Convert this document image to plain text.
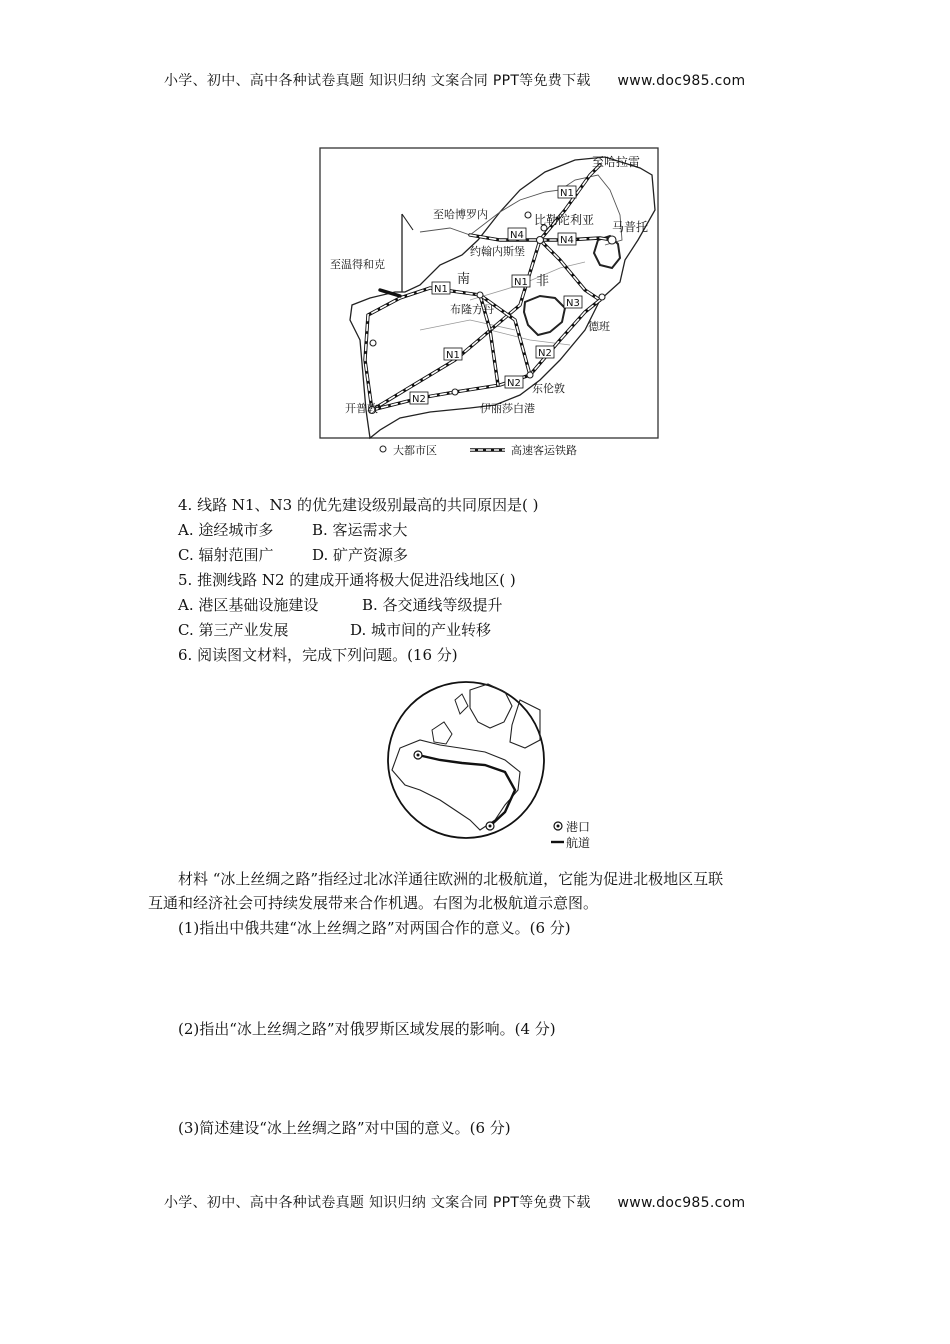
小学、初中、高中各种试卷真题 知识归纳 文案合同 PPT等免费下载 www.doc985.com
至哈拉雷
至哈博罗内	比勒陀利亚 马普托
约翰内斯堡
至温得和克
南	非
布隆方丹
德班
东伦敦
开普敦	伊丽莎白港
N1
N1
N1
N1	N2
N2
N2
N3
N4	N4
大都市区	高速客运铁路
4. 线路 N1、N3 的优先建设级别最高的共同原因是( )
A. 途经城市多	B. 客运需求大
C. 辐射范围广	D. 矿产资源多
5. 推测线路 N2 的建成开通将极大促进沿线地区( )
A. 港区基础设施建设	B. 各交通线等级提升
C. 第三产业发展	D. 城市间的产业转移
6. 阅读图文材料，完成下列问题。(16 分)
港口
航道
材料 “冰上丝绸之路”指经过北冰洋通往欧洲的北极航道，它能为促进北极地区互联
互通和经济社会可持续发展带来合作机遇。右图为北极航道示意图。
(1)指出中俄共建“冰上丝绸之路”对两国合作的意义。(6 分)
(2)指出“冰上丝绸之路”对俄罗斯区域发展的影响。(4 分)
(3)简述建设“冰上丝绸之路”对中国的意义。(6 分)
小学、初中、高中各种试卷真题 知识归纳 文案合同 PPT等免费下载 www.doc985.com
